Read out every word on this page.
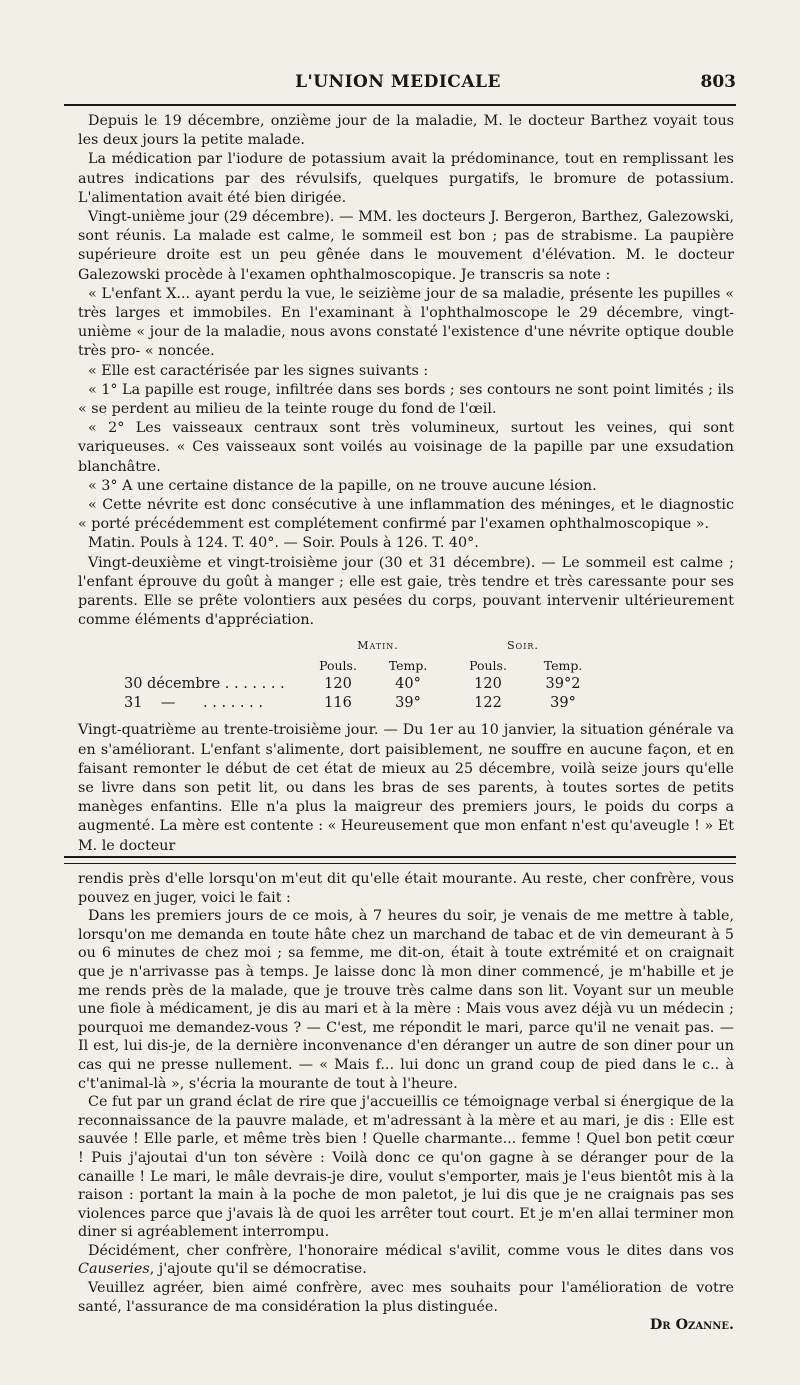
L'UNION MEDICALE	803

Depuis le 19 décembre, onzième jour de la maladie, M. le docteur Barthez voyait tous les deux jours la petite malade.

La médication par l'iodure de potassium avait la prédominance, tout en remplissant les autres indications par des révulsifs, quelques purgatifs, le bromure de potassium. L'alimentation avait été bien dirigée.

Vingt-unième jour (29 décembre). — MM. les docteurs J. Bergeron, Barthez, Galezowski, sont réunis. La malade est calme, le sommeil est bon ; pas de strabisme. La paupière supérieure droite est un peu gênée dans le mouvement d'élévation. M. le docteur Galezowski procède à l'examen ophthalmoscopique. Je transcris sa note :

« L'enfant X... ayant perdu la vue, le seizième jour de sa maladie, présente les pupilles « très larges et immobiles. En l'examinant à l'ophthalmoscope le 29 décembre, vingt-unième « jour de la maladie, nous avons constaté l'existence d'une névrite optique double très pro- « noncée.

« Elle est caractérisée par les signes suivants :

« 1° La papille est rouge, infiltrée dans ses bords ; ses contours ne sont point limités ; ils « se perdent au milieu de la teinte rouge du fond de l'œil.

« 2° Les vaisseaux centraux sont très volumineux, surtout les veines, qui sont variqueuses. « Ces vaisseaux sont voilés au voisinage de la papille par une exsudation blanchâtre.

« 3° A une certaine distance de la papille, on ne trouve aucune lésion.

« Cette névrite est donc consécutive à une inflammation des méninges, et le diagnostic « porté précédemment est complétement confirmé par l'examen ophthalmoscopique ».

Matin. Pouls à 124. T. 40°. — Soir. Pouls à 126. T. 40°.

Vingt-deuxième et vingt-troisième jour (30 et 31 décembre). — Le sommeil est calme ; l'enfant éprouve du goût à manger ; elle est gaie, très tendre et très caressante pour ses parents. Elle se prête volontiers aux pesées du corps, pouvant intervenir ultérieurement comme éléments d'appréciation.

Matin.	Soir.
Pouls.	Temp.	Pouls.	Temp.
30 décembre . . . . . . .	120	40°	120	39°2
31    —      . . . . . . .	116	39°	122	39°

Vingt-quatrième au trente-troisième jour. — Du 1er au 10 janvier, la situation générale va en s'améliorant. L'enfant s'alimente, dort paisiblement, ne souffre en aucune façon, et en faisant remonter le début de cet état de mieux au 25 décembre, voilà seize jours qu'elle se livre dans son petit lit, ou dans les bras de ses parents, à toutes sortes de petits manèges enfantins. Elle n'a plus la maigreur des premiers jours, le poids du corps a augmenté. La mère est contente : « Heureusement que mon enfant n'est qu'aveugle ! » Et M. le docteur

rendis près d'elle lorsqu'on m'eut dit qu'elle était mourante. Au reste, cher confrère, vous pouvez en juger, voici le fait :

Dans les premiers jours de ce mois, à 7 heures du soir, je venais de me mettre à table, lorsqu'on me demanda en toute hâte chez un marchand de tabac et de vin demeurant à 5 ou 6 minutes de chez moi ; sa femme, me dit-on, était à toute extrémité et on craignait que je n'arrivasse pas à temps. Je laisse donc là mon diner commencé, je m'habille et je me rends près de la malade, que je trouve très calme dans son lit. Voyant sur un meuble une fiole à médicament, je dis au mari et à la mère : Mais vous avez déjà vu un médecin ; pourquoi me demandez-vous ? — C'est, me répondit le mari, parce qu'il ne venait pas. — Il est, lui dis-je, de la dernière inconvenance d'en déranger un autre de son diner pour un cas qui ne presse nullement. — « Mais f... lui donc un grand coup de pied dans le c.. à c't'animal-là », s'écria la mourante de tout à l'heure.

Ce fut par un grand éclat de rire que j'accueillis ce témoignage verbal si énergique de la reconnaissance de la pauvre malade, et m'adressant à la mère et au mari, je dis : Elle est sauvée ! Elle parle, et même très bien ! Quelle charmante... femme ! Quel bon petit cœur ! Puis j'ajoutai d'un ton sévère : Voilà donc ce qu'on gagne à se déranger pour de la canaille ! Le mari, le mâle devrais-je dire, voulut s'emporter, mais je l'eus bientôt mis à la raison : portant la main à la poche de mon paletot, je lui dis que je ne craignais pas ses violences parce que j'avais là de quoi les arrêter tout court. Et je m'en allai terminer mon diner si agréablement interrompu.

Décidément, cher confrère, l'honoraire médical s'avilit, comme vous le dites dans vos Causeries, j'ajoute qu'il se démocratise.

Veuillez agréer, bien aimé confrère, avec mes souhaits pour l'amélioration de votre santé, l'assurance de ma considération la plus distinguée.

Dr Ozanne.
